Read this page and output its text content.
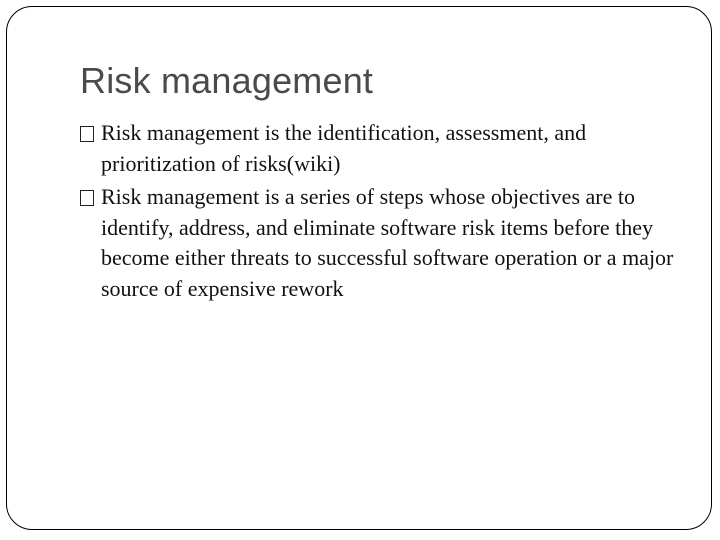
Risk management
Risk management is the identification, assessment, and prioritization of risks(wiki)
Risk management is a series of steps whose objectives are to identify, address, and eliminate software risk items before they become either threats to successful software operation or a major source of expensive rework
